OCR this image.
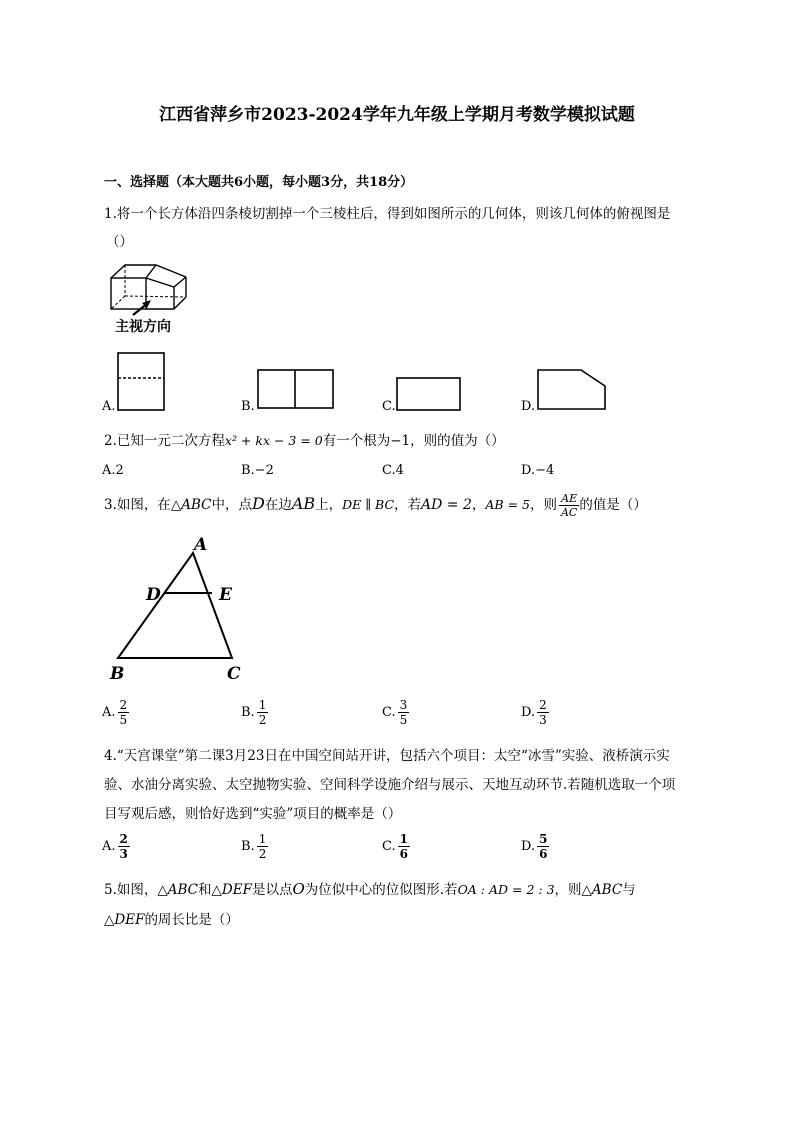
江西省萍乡市2023-2024学年九年级上学期月考数学模拟试题
一、选择题（本大题共6小题，每小题3分，共18分）
1.将一个长方体沿四条棱切割掉一个三棱柱后，得到如图所示的几何体，则该几何体的俯视图是
（）
主视方向
A.	B.	C.	D.
2.已知一元二次方程x² + kx − 3 = 0有一个根为−1，则的值为（）
A.2	B.−2	C.4	D.−4
3.如图，在△ABC中，点D在边AB上，DE ∥ BC，若AD = 2，AB = 5，则 $\frac{AE}{AC}$ 的值是（）
A
D	E
B	C
A. $\frac{2}{5}$	B. $\frac{1}{2}$	C. $\frac{3}{5}$	D. $\frac{2}{3}$
4.“天宫课堂”第二课3月23日在中国空间站开讲，包括六个项目：太空“冰雪”实验、液桥演示实
验、水油分离实验、太空抛物实验、空间科学设施介绍与展示、天地互动环节.若随机选取一个项
目写观后感，则恰好选到“实验”项目的概率是（）
A. $\frac{2}{3}$	B. $\frac{1}{2}$	C. $\frac{1}{6}$	D. $\frac{5}{6}$
5.如图，△ABC和△DEF是以点O为位似中心的位似图形.若OA : AD = 2 : 3，则△ABC与
△DEF的周长比是（）
